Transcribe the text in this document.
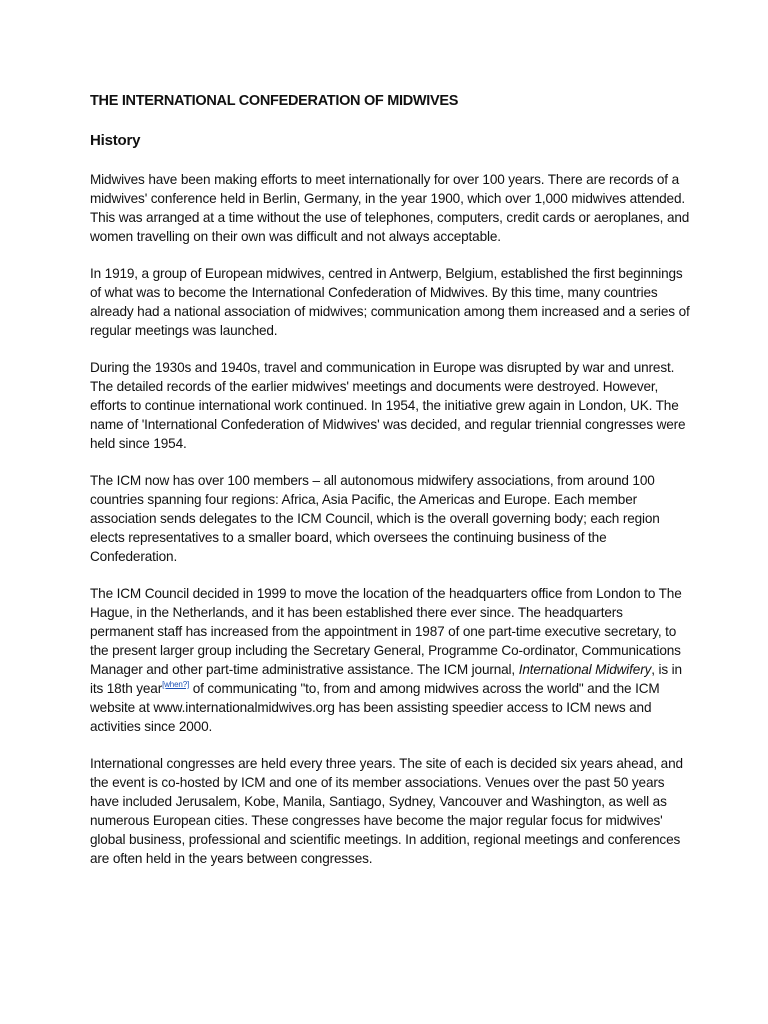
THE INTERNATIONAL CONFEDERATION OF MIDWIVES
History

Midwives have been making efforts to meet internationally for over 100 years. There are records of a midwives' conference held in Berlin, Germany, in the year 1900, which over 1,000 midwives attended. This was arranged at a time without the use of telephones, computers, credit cards or aeroplanes, and women travelling on their own was difficult and not always acceptable.

In 1919, a group of European midwives, centred in Antwerp, Belgium, established the first beginnings of what was to become the International Confederation of Midwives. By this time, many countries already had a national association of midwives; communication among them increased and a series of regular meetings was launched.

During the 1930s and 1940s, travel and communication in Europe was disrupted by war and unrest. The detailed records of the earlier midwives' meetings and documents were destroyed. However, efforts to continue international work continued. In 1954, the initiative grew again in London, UK. The name of 'International Confederation of Midwives' was decided, and regular triennial congresses were held since 1954.

The ICM now has over 100 members – all autonomous midwifery associations, from around 100 countries spanning four regions: Africa, Asia Pacific, the Americas and Europe. Each member association sends delegates to the ICM Council, which is the overall governing body; each region elects representatives to a smaller board, which oversees the continuing business of the Confederation.

The ICM Council decided in 1999 to move the location of the headquarters office from London to The Hague, in the Netherlands, and it has been established there ever since. The headquarters permanent staff has increased from the appointment in 1987 of one part-time executive secretary, to the present larger group including the Secretary General, Programme Co-ordinator, Communications Manager and other part-time administrative assistance. The ICM journal, International Midwifery, is in its 18th year[when?] of communicating "to, from and among midwives across the world" and the ICM website at www.internationalmidwives.org has been assisting speedier access to ICM news and activities since 2000.

International congresses are held every three years. The site of each is decided six years ahead, and the event is co-hosted by ICM and one of its member associations. Venues over the past 50 years have included Jerusalem, Kobe, Manila, Santiago, Sydney, Vancouver and Washington, as well as numerous European cities. These congresses have become the major regular focus for midwives' global business, professional and scientific meetings. In addition, regional meetings and conferences are often held in the years between congresses.
